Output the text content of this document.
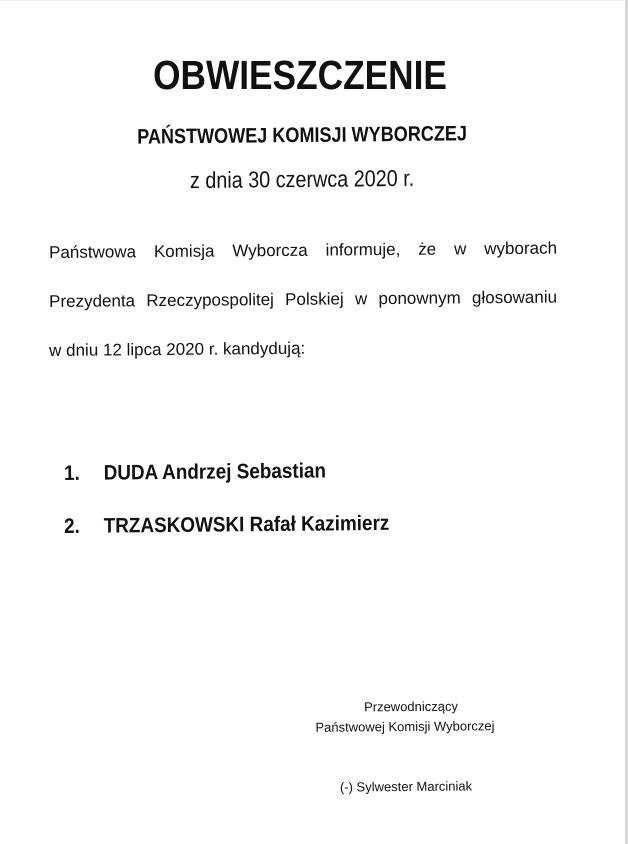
OBWIESZCZENIE
PAŃSTWOWEJ KOMISJI WYBORCZEJ
z dnia 30 czerwca 2020 r.
Państwowa Komisja Wyborcza informuje, że w wyborach
Prezydenta Rzeczypospolitej Polskiej w ponownym głosowaniu
w dniu 12 lipca 2020 r. kandydują:
1. DUDA Andrzej Sebastian
2. TRZASKOWSKI Rafał Kazimierz
Przewodniczący
Państwowej Komisji Wyborczej
(-) Sylwester Marciniak
